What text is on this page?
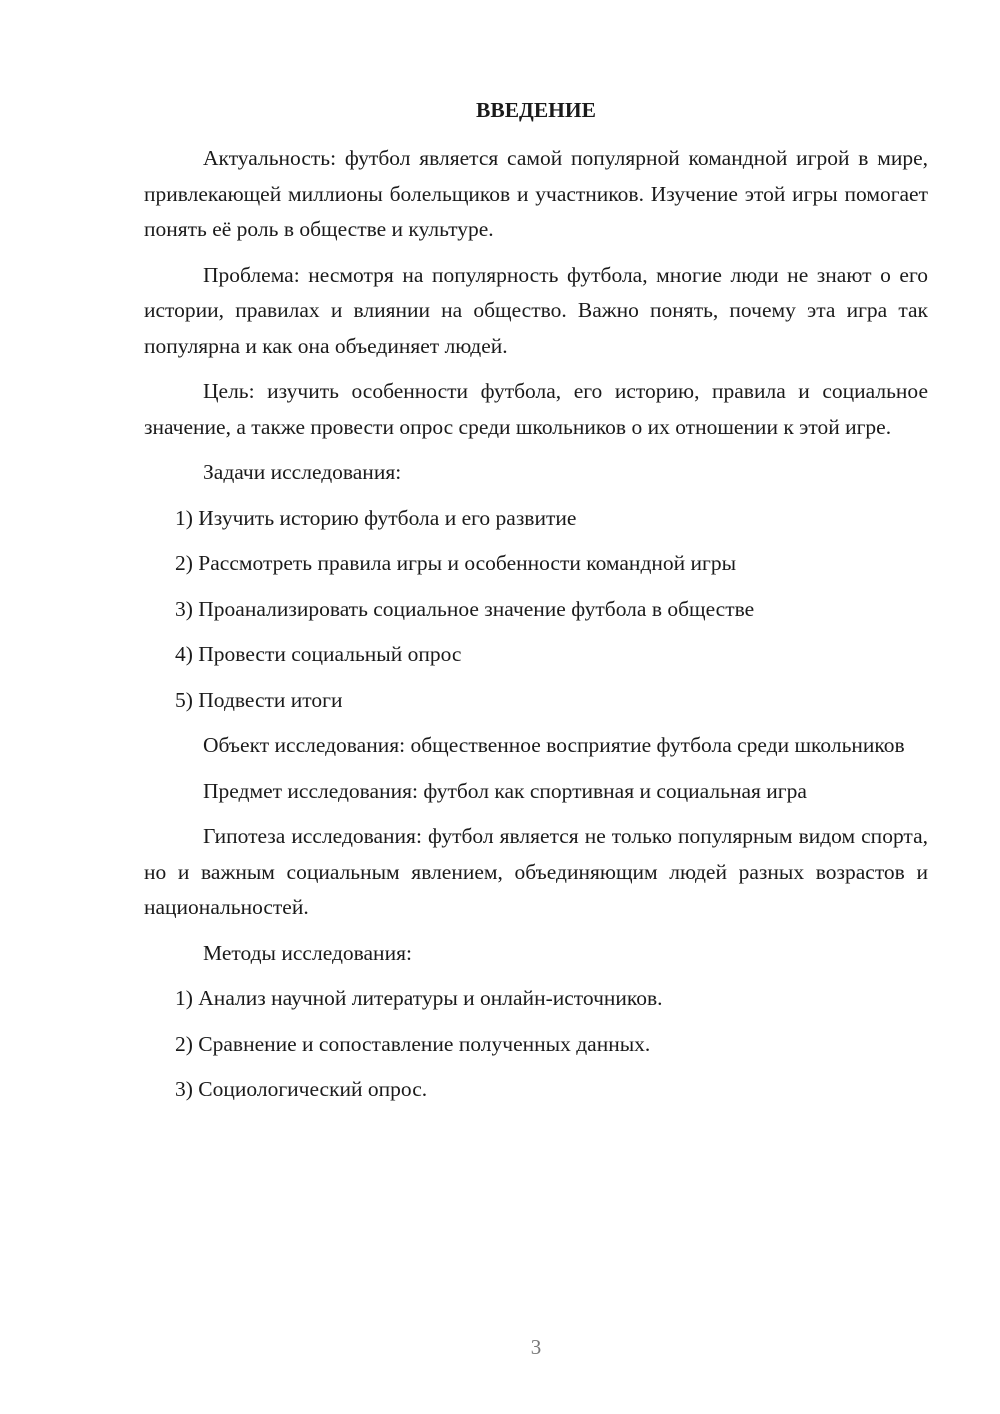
ВВЕДЕНИЕ
Актуальность: футбол является самой популярной командной игрой в мире, привлекающей миллионы болельщиков и участников. Изучение этой игры помогает понять её роль в обществе и культуре.
Проблема: несмотря на популярность футбола, многие люди не знают о его истории, правилах и влиянии на общество. Важно понять, почему эта игра так популярна и как она объединяет людей.
Цель: изучить особенности футбола, его историю, правила и социальное значение, а также провести опрос среди школьников о их отношении к этой игре.
Задачи исследования:
1) Изучить историю футбола и его развитие
2) Рассмотреть правила игры и особенности командной игры
3) Проанализировать социальное значение футбола в обществе
4) Провести социальный опрос
5) Подвести итоги
Объект исследования: общественное восприятие футбола среди школьников
Предмет исследования: футбол как спортивная и социальная игра
Гипотеза исследования: футбол является не только популярным видом спорта, но и важным социальным явлением, объединяющим людей разных возрастов и национальностей.
Методы исследования:
1) Анализ научной литературы и онлайн-источников.
2) Сравнение и сопоставление полученных данных.
3) Социологический опрос.
3
